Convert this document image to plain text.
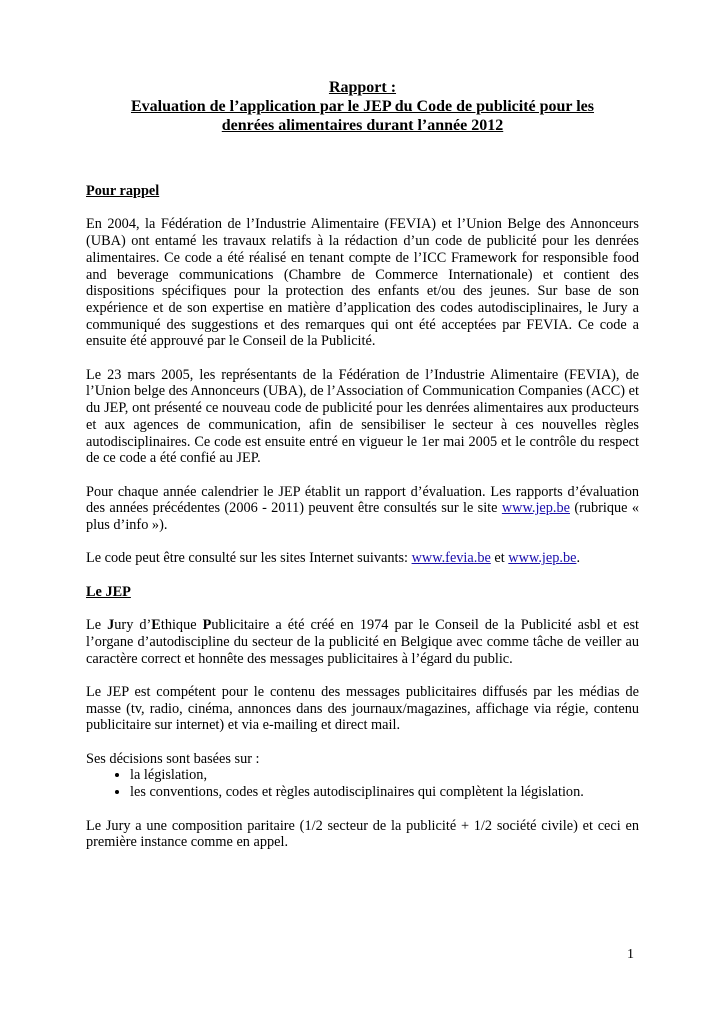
Rapport :

Evaluation de l’application par le JEP du Code de publicité pour les

denrées alimentaires durant l’année 2012

Pour rappel

En 2004, la Fédération de l’Industrie Alimentaire (FEVIA) et l’Union Belge des Annonceurs (UBA) ont entamé les travaux relatifs à la rédaction d’un code de publicité pour les denrées alimentaires. Ce code a été réalisé en tenant compte de l’ICC Framework for responsible food and beverage communications (Chambre de Commerce Internationale) et contient des dispositions spécifiques pour la protection des enfants et/ou des jeunes. Sur base de son expérience et de son expertise en matière d’application des codes autodisciplinaires, le Jury a communiqué des suggestions et des remarques qui ont été acceptées par FEVIA. Ce code a ensuite été approuvé par le Conseil de la Publicité.

Le 23 mars 2005, les représentants de la Fédération de l’Industrie Alimentaire (FEVIA), de l’Union belge des Annonceurs (UBA), de l’Association of Communication Companies (ACC) et du JEP, ont présenté ce nouveau code de publicité pour les denrées alimentaires aux producteurs et aux agences de communication, afin de sensibiliser le secteur à ces nouvelles règles autodisciplinaires. Ce code est ensuite entré en vigueur le 1er mai 2005 et le contrôle du respect de ce code a été confié au JEP.

Pour chaque année calendrier le JEP établit un rapport d’évaluation. Les rapports d’évaluation des années précédentes (2006 - 2011) peuvent être consultés sur le site www.jep.be (rubrique « plus d’info »).

Le code peut être consulté sur les sites Internet suivants: www.fevia.be et www.jep.be.

Le JEP

Le Jury d’Ethique Publicitaire a été créé en 1974 par le Conseil de la Publicité asbl et est l’organe d’autodiscipline du secteur de la publicité en Belgique avec comme tâche de veiller au caractère correct et honnête des messages publicitaires à l’égard du public.

Le JEP est compétent pour le contenu des messages publicitaires diffusés par les médias de masse (tv, radio, cinéma, annonces dans des journaux/magazines, affichage via régie, contenu publicitaire sur internet) et via e-mailing et direct mail.

Ses décisions sont basées sur :

• la législation,
• les conventions, codes et règles autodisciplinaires qui complètent la législation.

Le Jury a une composition paritaire (1/2 secteur de la publicité + 1/2 société civile) et ceci en première instance comme en appel.

1
